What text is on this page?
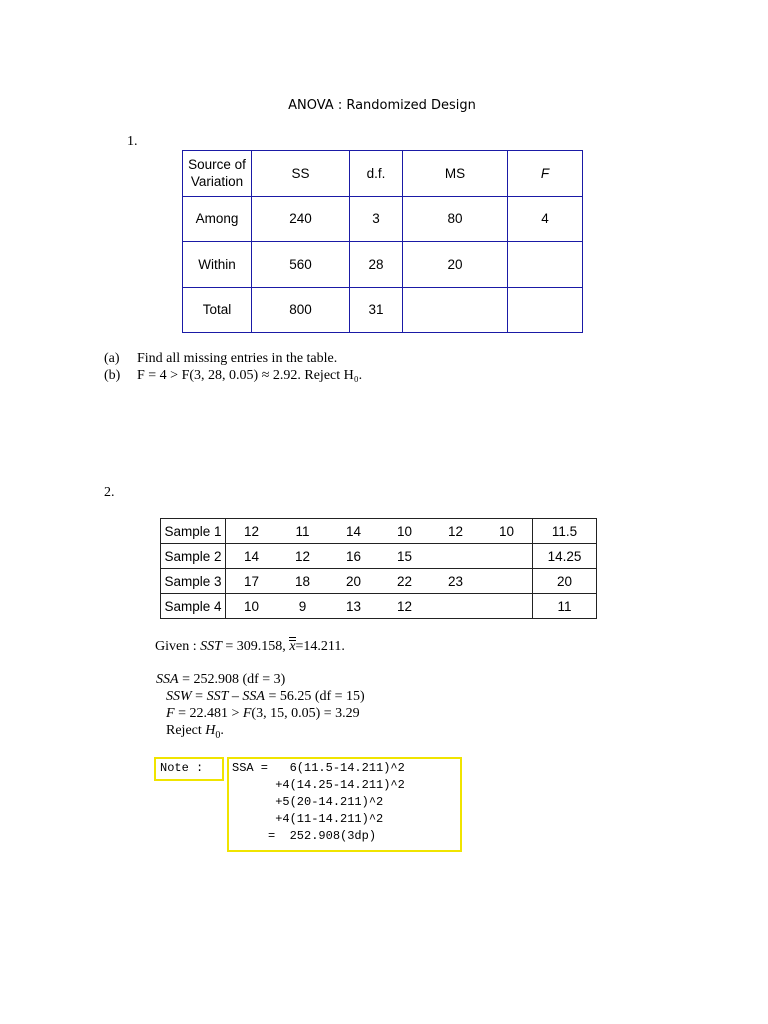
ANOVA : Randomized Design
1.
Source of Variation	SS	d.f.	MS	F
Among	240	3	80	4
Within	560	28	20	
Total	800	31		
(a) Find all missing entries in the table.
(b) F = 4 > F(3, 28, 0.05) ≈ 2.92. Reject H₀.
2.
Sample 1	12	11	14	10	12	10	11.5
Sample 2	14	12	16	15			14.25
Sample 3	17	18	20	22	23		20
Sample 4	10	9	13	12			11
Given : SST = 309.158, x=14.211.
SSA = 252.908 (df = 3)
SSW = SST – SSA = 56.25 (df = 15)
F = 22.481 > F(3, 15, 0.05) = 3.29
Reject $H_0$.
Note :	SSA =   6(11.5-14.211)^2
+4(14.25-14.211)^2
+5(20-14.211)^2
+4(11-14.211)^2
=  252.908(3dp)
